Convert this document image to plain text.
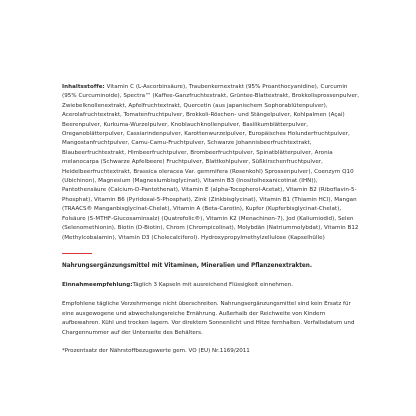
Inhaltsstoffe: Vitamin C (L-Ascorbinsäure), Traubenkernextrakt (95% Proanthocyanidine), Curcumin (95% Curcuminoide), Spectra™ (Kaffee-Ganzfruchtextrakt, Grüntee-Blattextrakt, Brokkolisprossenpulver, Zwiebelknollenextrakt, Apfelfruchtextrakt, Quercetin (aus japanischem Sophorablütenpulver), Acerolafruchtextrakt, Tomatenfruchtpulver, Brokkoli-Röschen- und Stängelpulver, Kohlpalmen (Açaí) Beerenpulver, Kurkuma-Wurzelpulver, Knoblauchknollenpulver, Basilikumblätterpulver, Oreganoblätterpulver, Cassiarindenpulver, Karottenwurzelpulver, Europäisches Holunderfruchtpulver, Mangostanfruchtpulver, Camu-Camu-Fruchtpulver, Schwarze Johannisbeerfruchtextrakt, Blaubeerfruchtextrakt, Himbeerfruchtpulver, Brombeerfruchtpulver, Spinatblätterpulver, Aronia melanocarpa (Schwarze Apfelbeere) Fruchtpulver, Blattkohlpulver, Süßkirschenfruchtpulver, Heidelbeerfruchtextrakt, Brassica oleracea Var. gemmifera (Rosenkohl) Sprossenpulver), Coenzym Q10 (Ubichinon), Magnesium (Magnesiumbisglycinat), Vitamin B3 (Inositolhexanicotinat (IHN)), Pantothensäure (Calcium-D-Pantothenat), Vitamin E (alpha-Tocopherol-Acetat), Vitamin B2 (Riboflavin-5-Phosphat), Vitamin B6 (Pyridoxal-5-Phosphat), Zink (Zinkbisglycinat), Vitamin B1 (Thiamin HCl), Mangan (TRAACS® Manganbisglycinat-Chelat), Vitamin A (Beta-Carotin), Kupfer (Kupferbisglycinat-Chelat), Folsäure (5-MTHF-Glucosaminsalz) (Quatrefolic®), Vitamin K2 (Menachinon-7), Jod (Kaliumiodid), Selen (Selenomethionin), Biotin (D-Biotin), Chrom (Chrompicolinat), Molybdän (Natriummolybdat), Vitamin B12 (Methylcobalamin), Vitamin D3 (Cholecalciferol). Hydroxypropylmethylzellulose (Kapselhülle)

Nahrungsergänzungsmittel mit Vitaminen, Mineralien und Pflanzenextrakten.

Einnahmeempfehlung:Täglich 3 Kapseln mit ausreichend Flüssigkeit einnehmen.

Empfohlene tägliche Verzehrmenge nicht überschreiten. Nahrungsergänzungsmittel sind kein Ersatz für eine ausgewogene und abwechslungsreiche Ernährung. Außerhalb der Reichweite von Kindern aufbewahren. Kühl und trocken lagern. Vor direktem Sonnenlicht und Hitze fernhalten. Verfallsdatum und Chargennummer auf der Unterseite des Behälters.

*Prozentsatz der Nährstoffbezugswerte gem. VO (EU) Nr.1169/2011
